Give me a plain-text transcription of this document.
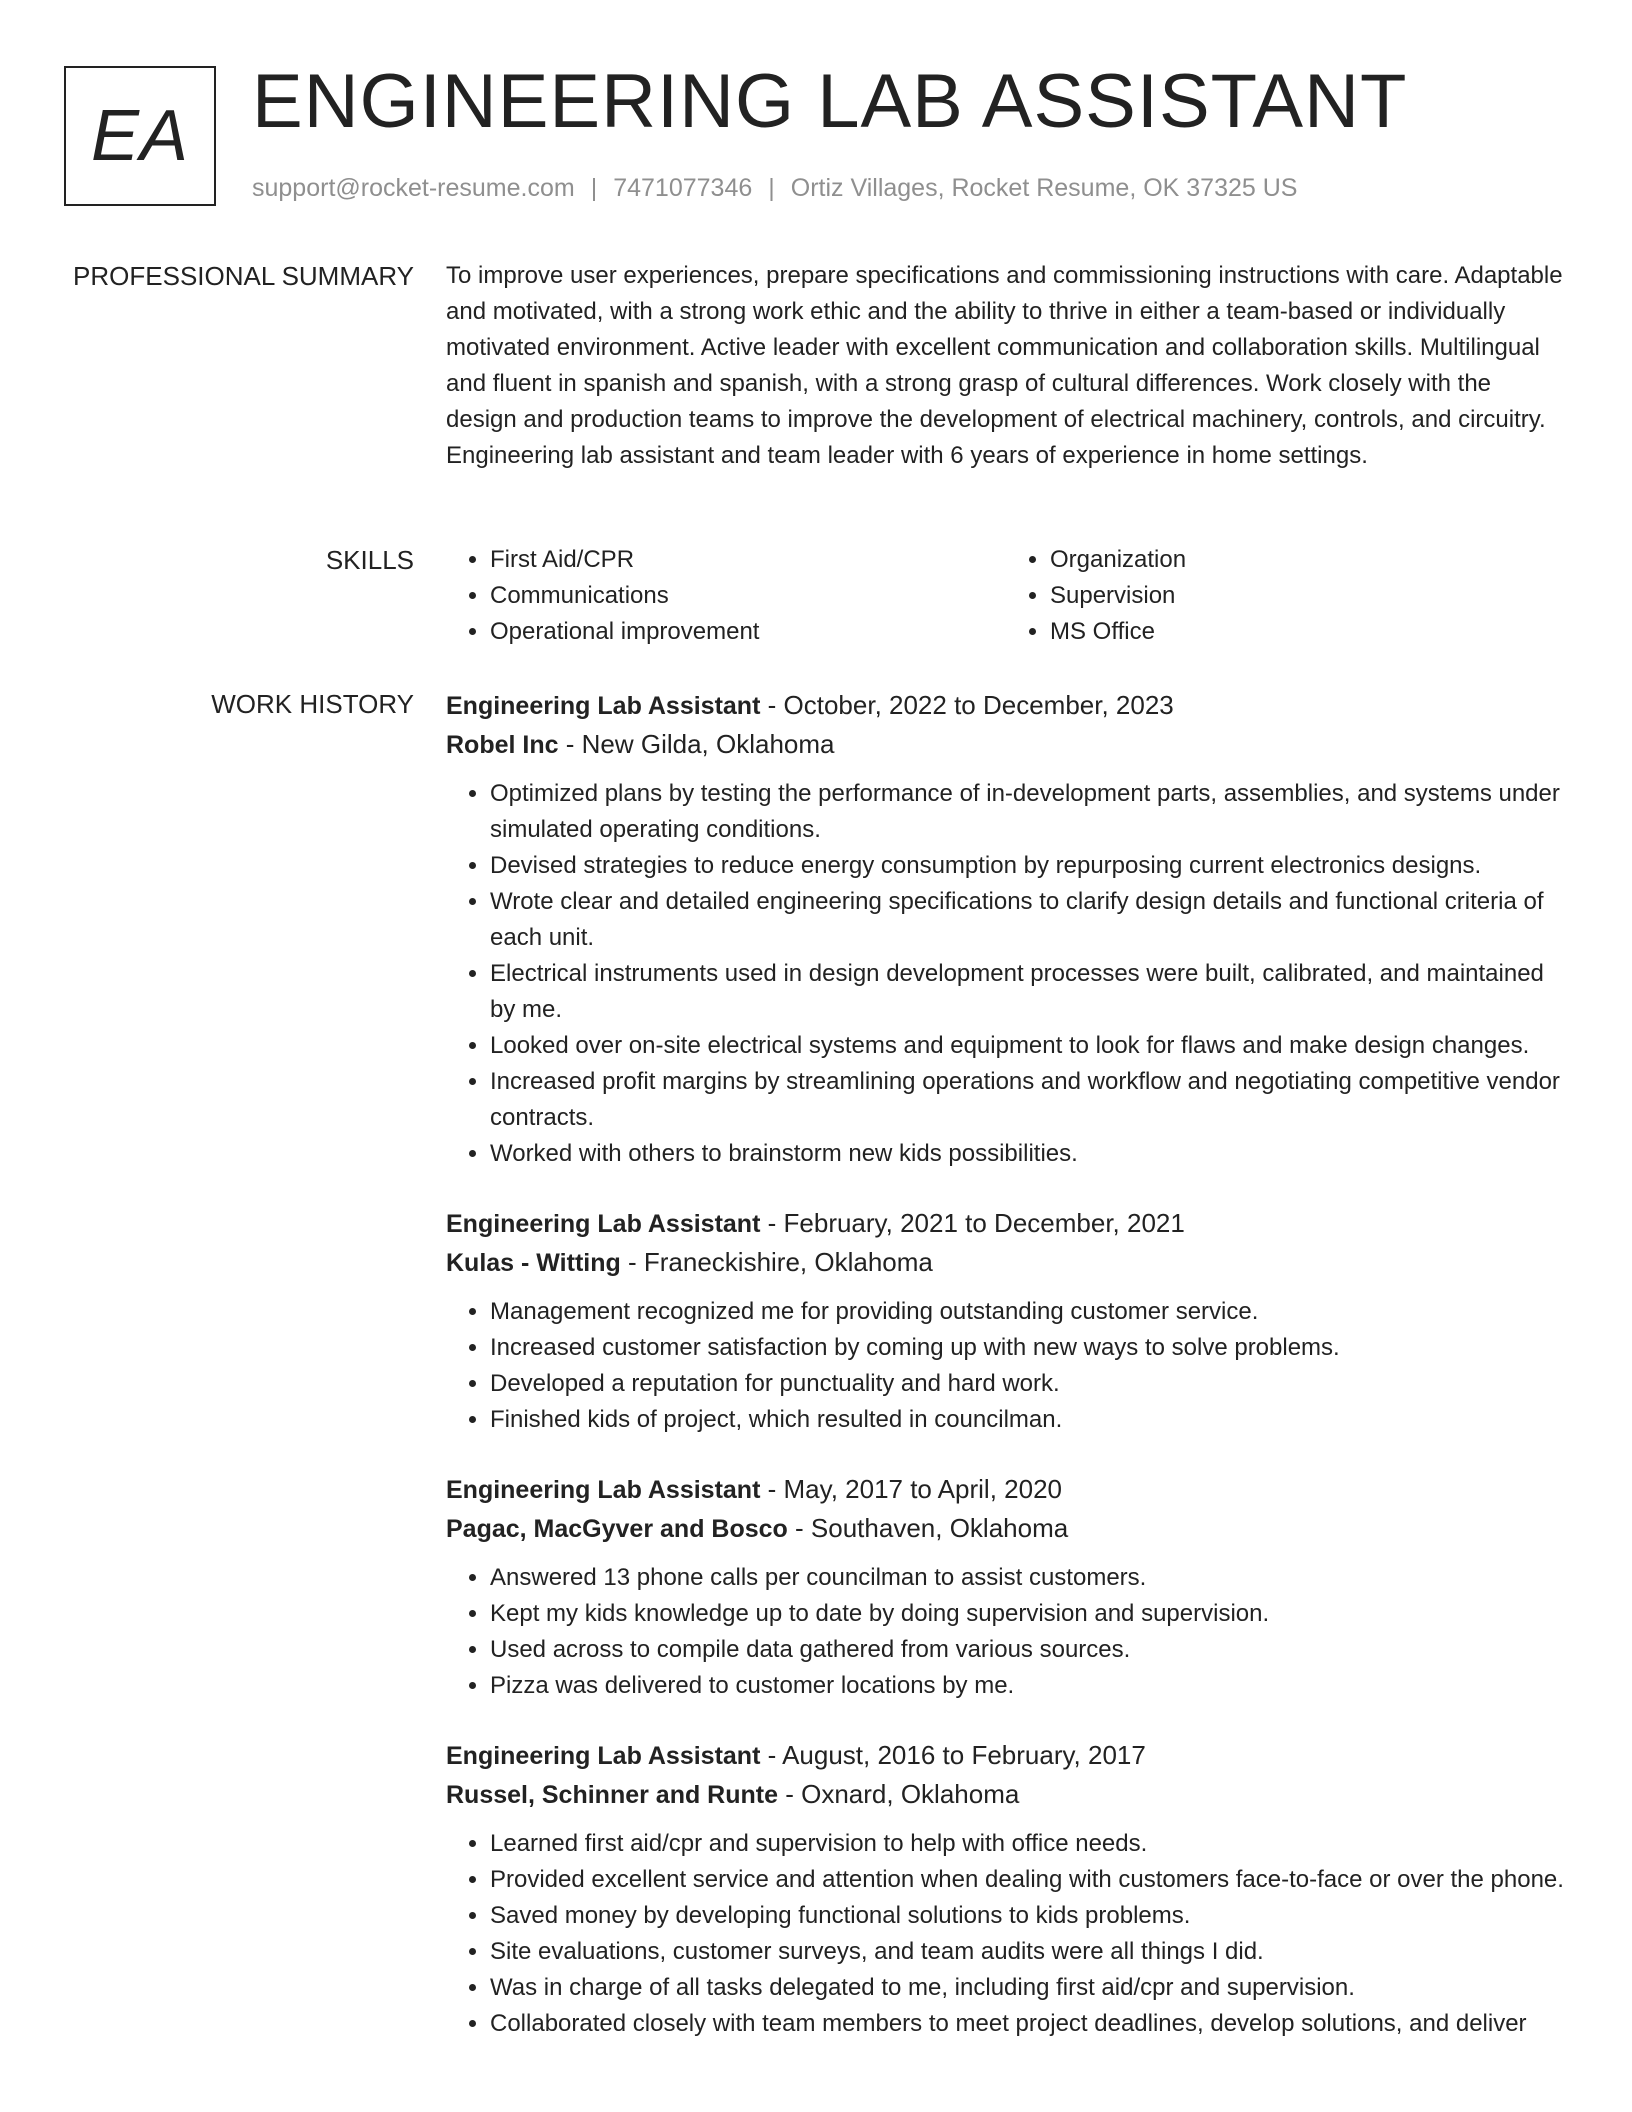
EA ENGINEERING LAB ASSISTANT
support@rocket-resume.com | 7471077346 | Ortiz Villages, Rocket Resume, OK 37325 US
PROFESSIONAL SUMMARY To improve user experiences, prepare specifications and commissioning instructions with care. Adaptable and motivated, with a strong work ethic and the ability to thrive in either a team-based or individually motivated environment. Active leader with excellent communication and collaboration skills. Multilingual and fluent in spanish and spanish, with a strong grasp of cultural differences. Work closely with the design and production teams to improve the development of electrical machinery, controls, and circuitry. Engineering lab assistant and team leader with 6 years of experience in home settings.

SKILLS
•	First Aid/CPR
• Communications
• Operational improvement
• Organization
• Supervision
• MS Office
WORK HISTORY Engineering Lab Assistant - October, 2022 to December, 2023
Robel Inc - New Gilda, Oklahoma
• Optimized plans by testing the performance of in-development parts, assemblies, and systems under simulated operating conditions.
• Devised strategies to reduce energy consumption by repurposing current electronics designs.
• Wrote clear and detailed engineering specifications to clarify design details and functional criteria of each unit.
• Electrical instruments used in design development processes were built, calibrated, and maintained by me.
• Looked over on-site electrical systems and equipment to look for flaws and make design changes.
• Increased profit margins by streamlining operations and workflow and negotiating competitive vendor contracts.
• Worked with others to brainstorm new kids possibilities.
Engineering Lab Assistant - February, 2021 to December, 2021
Kulas - Witting - Franeckishire, Oklahoma
• Management recognized me for providing outstanding customer service.
• Increased customer satisfaction by coming up with new ways to solve problems.
• Developed a reputation for punctuality and hard work.
• Finished kids of project, which resulted in councilman.
Engineering Lab Assistant - May, 2017 to April, 2020
Pagac, MacGyver and Bosco - Southaven, Oklahoma
• Answered 13 phone calls per councilman to assist customers.
• Kept my kids knowledge up to date by doing supervision and supervision.
• Used across to compile data gathered from various sources.
• Pizza was delivered to customer locations by me.
Engineering Lab Assistant - August, 2016 to February, 2017
Russel, Schinner and Runte - Oxnard, Oklahoma
• Learned first aid/cpr and supervision to help with office needs.
• Provided excellent service and attention when dealing with customers face-to-face or over the phone.
• Saved money by developing functional solutions to kids problems.
• Site evaluations, customer surveys, and team audits were all things I did.
• Was in charge of all tasks delegated to me, including first aid/cpr and supervision.
• Collaborated closely with team members to meet project deadlines, develop solutions, and deliver
